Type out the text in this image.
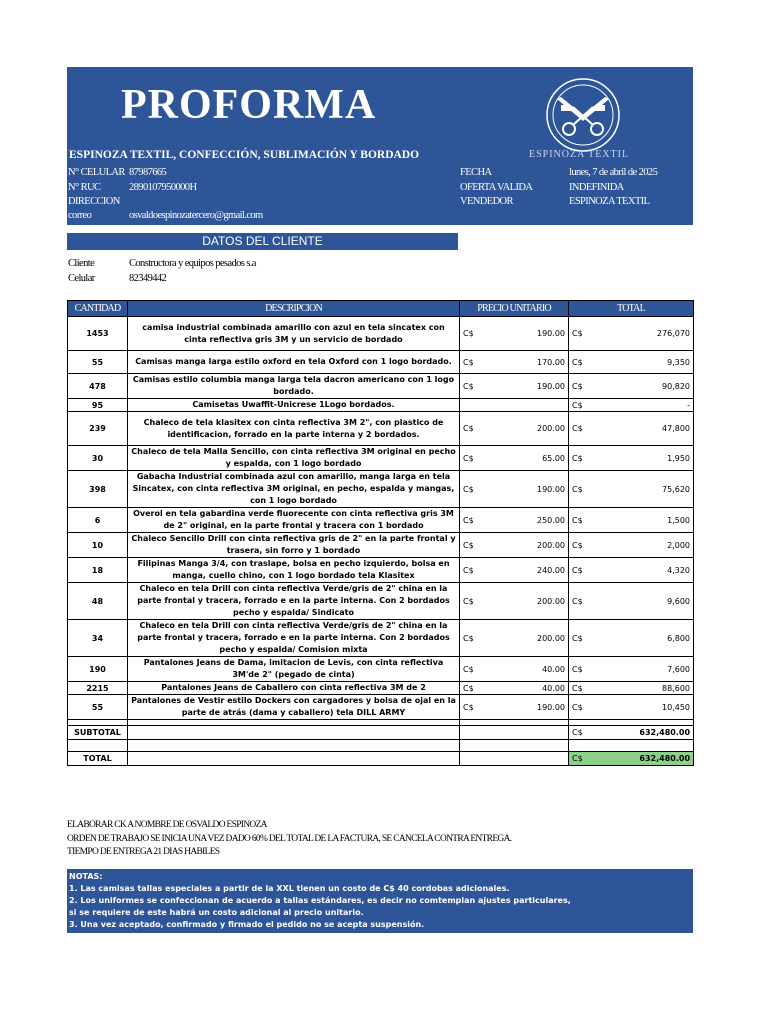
PROFORMA
ESPINOZA TEXTIL, CONFECCIÓN, SUBLIMACIÓN Y BORDADO	ESPINOZA TEXTIL
N° CELULAR 87987665
N° RUC	2890107950000H
DIRECCION
correo	osvaldoespinozatercero@gmail.com
FECHA	lunes, 7 de abril de 2025
OFERTA VALIDA	INDEFINIDA
VENDEDOR	ESPINOZA TEXTIL
DATOS DEL CLIENTE
Cliente	Constructora y equipos pesados s.a
Celular	82349442
CANTIDAD	DESCRIPCION	PRECIO UNITARIO		TOTAL	
1453	camisa industrial combinada amarillo con azul en tela sincatex con cinta reflectiva gris 3M y un servicio de bordado	C$	190.00	C$	276,070
55	Camisas manga larga estilo oxford en tela Oxford con 1 logo bordado.	C$	170.00	C$	9,350
478	Camisas estilo columbia manga larga tela dacron americano con 1 logo bordado.	C$	190.00	C$	90,820
95	Camisetas Uwaffit-Unicrese 1Logo bordados.			C$	-
239	Chaleco de tela klasitex con cinta reflectiva 3M 2", con plastico de identificacion, forrado en la parte interna y 2 bordados.	C$	200.00	C$	47,800
30	Chaleco de tela Malla Sencillo, con cinta reflectiva 3M original en pecho y espalda, con 1 logo bordado	C$	65.00	C$	1,950
398	Gabacha Industrial combinada azul con amarillo, manga larga en tela Sincatex, con cinta reflectiva 3M original, en pecho, espalda y mangas, con 1 logo bordado	C$	190.00	C$	75,620
6	Overol en tela gabardina verde fluorecente con cinta reflectiva gris 3M de 2" original, en la parte frontal y tracera con 1 bordado	C$	250.00	C$	1,500
10	Chaleco Sencillo Drill con cinta reflectiva gris de 2" en la parte frontal y trasera, sin forro y 1 bordado	C$	200.00	C$	2,000
18	Filipinas Manga 3/4, con traslape, bolsa en pecho izquierdo, bolsa en manga, cuello chino, con 1 logo bordado tela Klasitex	C$	240.00	C$	4,320
48	Chaleco en tela Drill con cinta reflectiva Verde/gris de 2" china en la parte frontal y tracera, forrado e en la parte interna. Con 2 bordados pecho y espalda/ Sindicato	C$	200.00	C$	9,600
34	Chaleco en tela Drill con cinta reflectiva Verde/gris de 2" china en la parte frontal y tracera, forrado e en la parte interna. Con 2 bordados pecho y espalda/ Comision mixta	C$	200.00	C$	6,800
190	Pantalones Jeans de Dama, imitacion de Levis, con cinta reflectiva 3M'de 2" (pegado de cinta)	C$	40.00	C$	7,600
2215	Pantalones Jeans de Caballero con cinta reflectiva 3M de 2	C$	40.00	C$	88,600
55	Pantalones de Vestir estilo Dockers con cargadores y bolsa de ojal en la parte de atrás (dama y caballero) tela DILL ARMY	C$	190.00	C$	10,450

SUBTOTAL				C$	632,480.00

TOTAL				C$	632,480.00
ELABORAR CK A NOMBRE DE OSVALDO ESPINOZA
ORDEN DE TRABAJO SE INICIA UNA VEZ DADO 60% DEL TOTAL DE LA FACTURA, SE CANCELA CONTRA ENTREGA.
TIEMPO DE ENTREGA 21 DIAS HABILES
NOTAS:
1. Las camisas tallas especiales a partir de la XXL tienen un costo de C$ 40 cordobas adicionales.
2. Los uniformes se confeccionan de acuerdo a tallas estándares, es decir no comtemplan ajustes particulares,
si se requiere de este habrá un costo adicional al precio unitario.
3. Una vez aceptado, confirmado y firmado el pedido no se acepta suspensión.
